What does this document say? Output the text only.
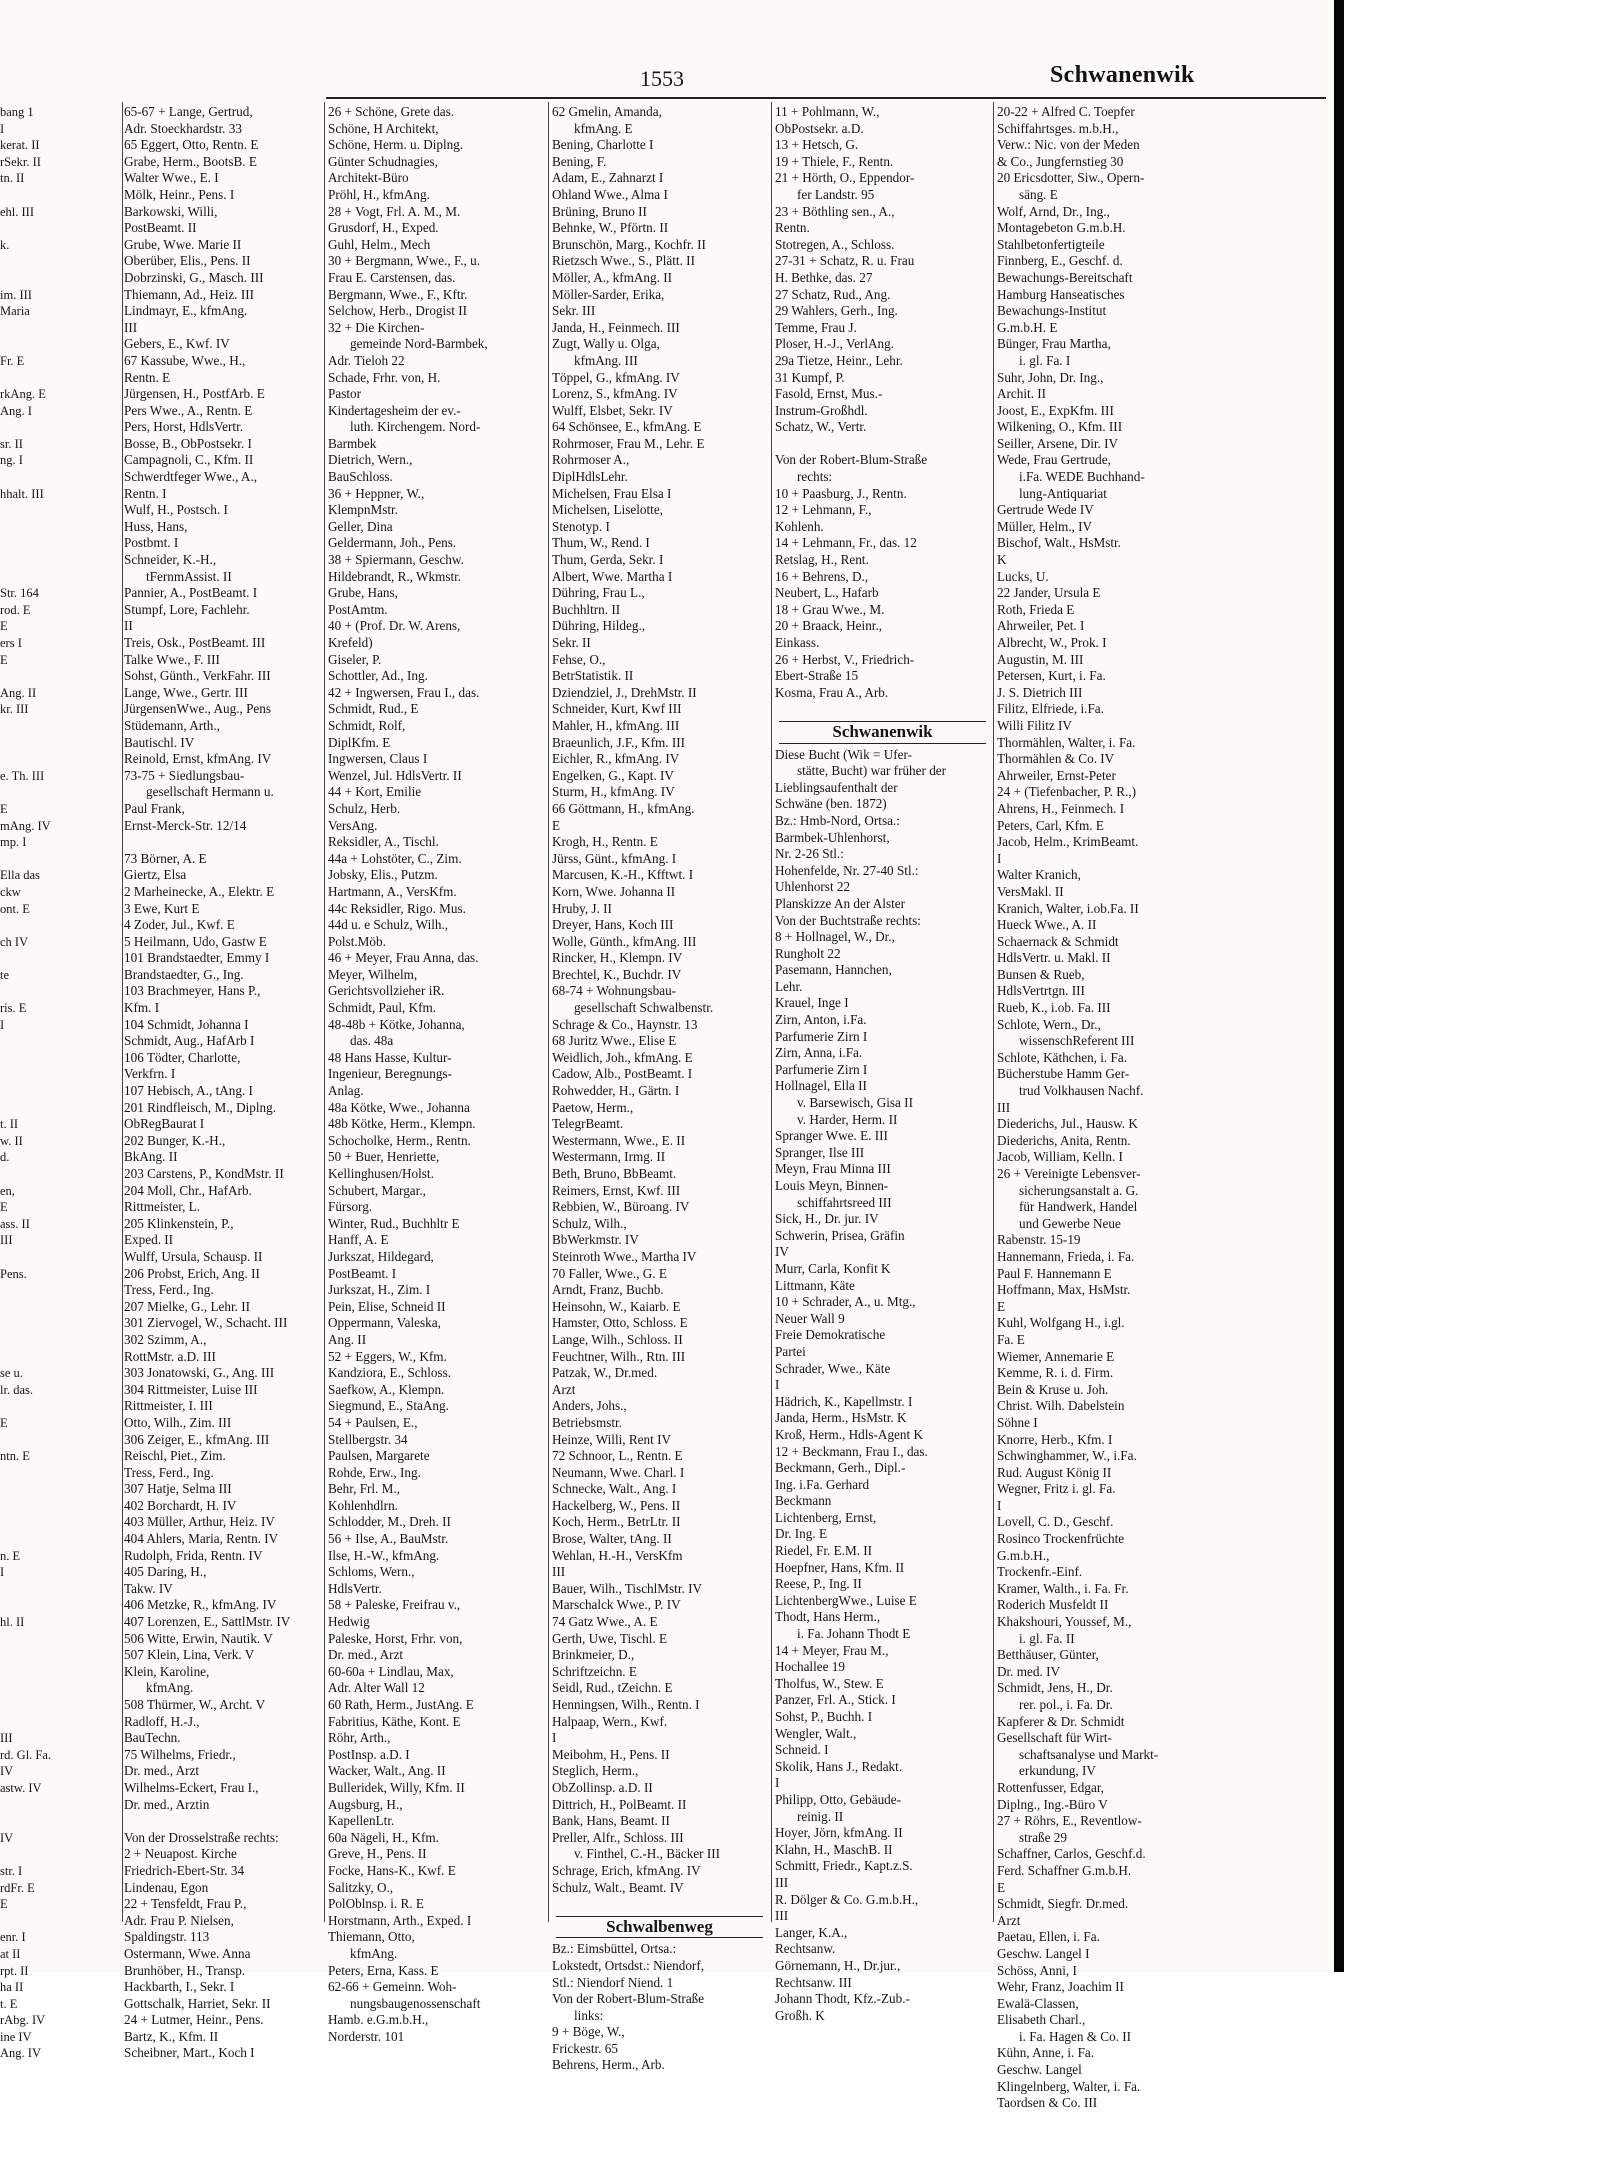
1553	Schwanenwik
bang 1
I
kerat. II
rSekr. II
tn. II

ehl. III

k.

im. III
Maria

Fr. E

rkAng. E
Ang. I

sr. II
ng. I

hhalt. III

Str. 164
rod. E
E
ers I
E

Ang. II
kr. III

e. Th. III

E
mAng. IV
mp. I

Ella das
ckw
ont. E

ch IV

te

ris. E
I

t. II
w. II
d.

en,
E
ass. II
III

Pens.

se u.
lr. das.

E

ntn. E

n. E
I

hl. II

III
rd. Gl. Fa.
IV
astw. IV

IV

str. I
rdFr. E
E

enr. I
at II
rpt. II
ha II
t. E
rAbg. IV
ine IV
Ang. IV
65-67 + Lange, Gertrud,
Adr. Stoeckhardstr. 33
65 Eggert, Otto, Rentn. E
Grabe, Herm., BootsB. E
Walter Wwe., E. I
Mölk, Heinr., Pens. I
Barkowski, Willi,
PostBeamt. II
Grube, Wwe. Marie II
Oberüber, Elis., Pens. II
Dobrzinski, G., Masch. III
Thiemann, Ad., Heiz. III
Lindmayr, E., kfmAng.
III
Gebers, E., Kwf. IV
67 Kassube, Wwe., H.,
Rentn. E
Jürgensen, H., PostfArb. E
Pers Wwe., A., Rentn. E
Pers, Horst, HdlsVertr.
Bosse, B., ObPostsekr. I
Campagnoli, C., Kfm. II
Schwerdtfeger Wwe., A.,
Rentn. I
Wulf, H., Postsch. I
Huss, Hans,
Postbmt. I
Schneider, K.-H.,
tFernmAssist. II
Pannier, A., PostBeamt. I
Stumpf, Lore, Fachlehr.
II
Treis, Osk., PostBeamt. III
Talke Wwe., F. III
Sohst, Günth., VerkFahr. III
Lange, Wwe., Gertr. III
JürgensenWwe., Aug., Pens
Stüdemann, Arth.,
Bautischl. IV
Reinold, Ernst, kfmAng. IV
73-75 + Siedlungsbau-
gesellschaft Hermann u.
Paul Frank,
Ernst-Merck-Str. 12/14

73 Börner, A. E
Giertz, Elsa
2 Marheinecke, A., Elektr. E
3 Ewe, Kurt E
4 Zoder, Jul., Kwf. E
5 Heilmann, Udo, Gastw E
101 Brandstaedter, Emmy I
Brandstaedter, G., Ing.
103 Brachmeyer, Hans P.,
Kfm. I
104 Schmidt, Johanna I
Schmidt, Aug., HafArb I
106 Tödter, Charlotte,
Verkfrn. I
107 Hebisch, A., tAng. I
201 Rindfleisch, M., Diplng.
ObRegBaurat I
202 Bunger, K.-H.,
BkAng. II
203 Carstens, P., KondMstr. II
204 Moll, Chr., HafArb.
Rittmeister, L.
205 Klinkenstein, P.,
Exped. II
Wulff, Ursula, Schausp. II
206 Probst, Erich, Ang. II
Tress, Ferd., Ing.
207 Mielke, G., Lehr. II
301 Ziervogel, W., Schacht. III
302 Szimm, A.,
RottMstr. a.D. III
303 Jonatowski, G., Ang. III
304 Rittmeister, Luise III
Rittmeister, I. III
Otto, Wilh., Zim. III
306 Zeiger, E., kfmAng. III
Reischl, Piet., Zim.
Tress, Ferd., Ing.
307 Hatje, Selma III
402 Borchardt, H. IV
403 Müller, Arthur, Heiz. IV
404 Ahlers, Maria, Rentn. IV
Rudolph, Frida, Rentn. IV
405 Daring, H.,
Takw. IV
406 Metzke, R., kfmAng. IV
407 Lorenzen, E., SattlMstr. IV
506 Witte, Erwin, Nautik. V
507 Klein, Lina, Verk. V
Klein, Karoline,
kfmAng.
508 Thürmer, W., Archt. V
Radloff, H.-J.,
BauTechn.
75 Wilhelms, Friedr.,
Dr. med., Arzt
Wilhelms-Eckert, Frau I.,
Dr. med., Arztin

Von der Drosselstraße rechts:
2 + Neuapost. Kirche
Friedrich-Ebert-Str. 34
Lindenau, Egon
22 + Tensfeldt, Frau P.,
Adr. Frau P. Nielsen,
Spaldingstr. 113
Ostermann, Wwe. Anna
Brunhöber, H., Transp.
Hackbarth, I., Sekr. I
Gottschalk, Harriet, Sekr. II
24 + Lutmer, Heinr., Pens.
Bartz, K., Kfm. II
Scheibner, Mart., Koch I
26 + Schöne, Grete das.
Schöne, H Architekt,
Schöne, Herm. u. Diplng.
Günter Schudnagies,
Architekt-Büro
Pröhl, H., kfmAng.
28 + Vogt, Frl. A. M., M.
Grusdorf, H., Exped.
Guhl, Helm., Mech
30 + Bergmann, Wwe., F., u.
Frau E. Carstensen, das.
Bergmann, Wwe., F., Kftr.
Selchow, Herb., Drogist II
32 + Die Kirchen-
gemeinde Nord-Barmbek,
Adr. Tieloh 22
Schade, Frhr. von, H.
Pastor
Kindertagesheim der ev.-
luth. Kirchengem. Nord-
Barmbek
Dietrich, Wern.,
BauSchloss.
36 + Heppner, W.,
KlempnMstr.
Geller, Dina
Geldermann, Joh., Pens.
38 + Spiermann, Geschw.
Hildebrandt, R., Wkmstr.
Grube, Hans,
PostAmtm.
40 + (Prof. Dr. W. Arens,
Krefeld)
Giseler, P.
Schottler, Ad., Ing.
42 + Ingwersen, Frau I., das.
Schmidt, Rud., E
Schmidt, Rolf,
DiplKfm. E
Ingwersen, Claus I
Wenzel, Jul. HdlsVertr. II
44 + Kort, Emilie
Schulz, Herb.
VersAng.
Reksidler, A., Tischl.
44a + Lohstöter, C., Zim.
Jobsky, Elis., Putzm.
Hartmann, A., VersKfm.
44c Reksidler, Rigo. Mus.
44d u. e Schulz, Wilh.,
Polst.Möb.
46 + Meyer, Frau Anna, das.
Meyer, Wilhelm,
Gerichtsvollzieher iR.
Schmidt, Paul, Kfm.
48-48b + Kötke, Johanna,
das. 48a
48 Hans Hasse, Kultur-
Ingenieur, Beregnungs-
Anlag.
48a Kötke, Wwe., Johanna
48b Kötke, Herm., Klempn.
Schocholke, Herm., Rentn.
50 + Buer, Henriette,
Kellinghusen/Holst.
Schubert, Margar.,
Fürsorg.
Winter, Rud., Buchhltr E
Hanff, A. E
Jurkszat, Hildegard,
PostBeamt. I
Jurkszat, H., Zim. I
Pein, Elise, Schneid II
Oppermann, Valeska,
Ang. II
52 + Eggers, W., Kfm.
Kandziora, E., Schloss.
Saefkow, A., Klempn.
Siegmund, E., StaAng.
54 + Paulsen, E.,
Stellbergstr. 34
Paulsen, Margarete
Rohde, Erw., Ing.
Behr, Frl. M.,
Kohlenhdlrn.
Schlodder, M., Dreh. II
56 + Ilse, A., BauMstr.
Ilse, H.-W., kfmAng.
Schloms, Wern.,
HdlsVertr.
58 + Paleske, Freifrau v.,
Hedwig
Paleske, Horst, Frhr. von,
Dr. med., Arzt
60-60a + Lindlau, Max,
Adr. Alter Wall 12
60 Rath, Herm., JustAng. E
Fabritius, Käthe, Kont. E
Röhr, Arth.,
PostInsp. a.D. I
Wacker, Walt., Ang. II
Bulleridek, Willy, Kfm. II
Augsburg, H.,
KapellenLtr.
60a Nägeli, H., Kfm.
Greve, H., Pens. II
Focke, Hans-K., Kwf. E
Salitzky, O.,
PolOblnsp. i. R. E
Horstmann, Arth., Exped. I
Thiemann, Otto,
kfmAng.
Peters, Erna, Kass. E
62-66 + Gemeinn. Woh-
nungsbaugenossenschaft
Hamb. e.G.m.b.H.,
Norderstr. 101
62 Gmelin, Amanda,
kfmAng. E
Bening, Charlotte I
Bening, F.
Adam, E., Zahnarzt I
Ohland Wwe., Alma I
Brüning, Bruno II
Behnke, W., Pförtn. II
Brunschön, Marg., Kochfr. II
Rietzsch Wwe., S., Plätt. II
Möller, A., kfmAng. II
Möller-Sarder, Erika,
Sekr. III
Janda, H., Feinmech. III
Zugt, Wally u. Olga,
kfmAng. III
Töppel, G., kfmAng. IV
Lorenz, S., kfmAng. IV
Wulff, Elsbet, Sekr. IV
64 Schönsee, E., kfmAng. E
Rohrmoser, Frau M., Lehr. E
Rohrmoser A.,
DiplHdlsLehr.
Michelsen, Frau Elsa I
Michelsen, Liselotte,
Stenotyp. I
Thum, W., Rend. I
Thum, Gerda, Sekr. I
Albert, Wwe. Martha I
Dühring, Frau L.,
Buchhltrn. II
Dühring, Hildeg.,
Sekr. II
Fehse, O.,
BetrStatistik. II
Dziendziel, J., DrehMstr. II
Schneider, Kurt, Kwf III
Mahler, H., kfmAng. III
Braeunlich, J.F., Kfm. III
Eichler, R., kfmAng. IV
Engelken, G., Kapt. IV
Sturm, H., kfmAng. IV
66 Göttmann, H., kfmAng.
E
Krogh, H., Rentn. E
Jürss, Günt., kfmAng. I
Marcusen, K.-H., Kfftwt. I
Korn, Wwe. Johanna II
Hruby, J. II
Dreyer, Hans, Koch III
Wolle, Günth., kfmAng. III
Rincker, H., Klempn. IV
Brechtel, K., Buchdr. IV
68-74 + Wohnungsbau-
gesellschaft Schwalbenstr.
Schrage & Co., Haynstr. 13
68 Juritz Wwe., Elise E
Weidlich, Joh., kfmAng. E
Cadow, Alb., PostBeamt. I
Rohwedder, H., Gärtn. I
Paetow, Herm.,
TelegrBeamt.
Westermann, Wwe., E. II
Westermann, Irmg. II
Beth, Bruno, BbBeamt.
Reimers, Ernst, Kwf. III
Rebbien, W., Büroang. IV
Schulz, Wilh.,
BbWerkmstr. IV
Steinroth Wwe., Martha IV
70 Faller, Wwe., G. E
Arndt, Franz, Buchb.
Heinsohn, W., Kaiarb. E
Hamster, Otto, Schloss. E
Lange, Wilh., Schloss. II
Feuchtner, Wilh., Rtn. III
Patzak, W., Dr.med.
Arzt
Anders, Johs.,
Betriebsmstr.
Heinze, Willi, Rent IV
72 Schnoor, L., Rentn. E
Neumann, Wwe. Charl. I
Schnecke, Walt., Ang. I
Hackelberg, W., Pens. II
Koch, Herm., BetrLtr. II
Brose, Walter, tAng. II
Wehlan, H.-H., VersKfm
III
Bauer, Wilh., TischlMstr. IV
Marschalck Wwe., P. IV
74 Gatz Wwe., A. E
Gerth, Uwe, Tischl. E
Brinkmeier, D.,
Schriftzeichn. E
Seidl, Rud., tZeichn. E
Henningsen, Wilh., Rentn. I
Halpaap, Wern., Kwf.
I
Meibohm, H., Pens. II
Steglich, Herm.,
ObZollinsp. a.D. II
Dittrich, H., PolBeamt. II
Bank, Hans, Beamt. II
Preller, Alfr., Schloss. III
v. Finthel, C.-H., Bäcker III
Schrage, Erich, kfmAng. IV
Schulz, Walt., Beamt. IV

Schwalbenweg
Bz.: Eimsbüttel, Ortsa.:
Lokstedt, Ortsdst.: Niendorf,
Stl.: Niendorf Niend. 1
Von der Robert-Blum-Straße
links:
9 + Böge, W.,
Frickestr. 65
Behrens, Herm., Arb.
11 + Pohlmann, W.,
ObPostsekr. a.D.
13 + Hetsch, G.
19 + Thiele, F., Rentn.
21 + Hörth, O., Eppendor-
fer Landstr. 95
23 + Böthling sen., A.,
Rentn.
Stotregen, A., Schloss.
27-31 + Schatz, R. u. Frau
H. Bethke, das. 27
27 Schatz, Rud., Ang.
29 Wahlers, Gerh., Ing.
Temme, Frau J.
Ploser, H.-J., VerlAng.
29a Tietze, Heinr., Lehr.
31 Kumpf, P.
Fasold, Ernst, Mus.-
Instrum-Großhdl.
Schatz, W., Vertr.

Von der Robert-Blum-Straße
rechts:
10 + Paasburg, J., Rentn.
12 + Lehmann, F.,
Kohlenh.
14 + Lehmann, Fr., das. 12
Retslag, H., Rent.
16 + Behrens, D.,
Neubert, L., Hafarb
18 + Grau Wwe., M.
20 + Braack, Heinr.,
Einkass.
26 + Herbst, V., Friedrich-
Ebert-Straße 15
Kosma, Frau A., Arb.

Schwanenwik
Diese Bucht (Wik = Ufer-
stätte, Bucht) war früher der
Lieblingsaufenthalt der
Schwäne (ben. 1872)
Bz.: Hmb-Nord, Ortsa.:
Barmbek-Uhlenhorst,
Nr. 2-26 Stl.:
Hohenfelde, Nr. 27-40 Stl.:
Uhlenhorst 22
Planskizze An der Alster
Von der Buchtstraße rechts:
8 + Hollnagel, W., Dr.,
Rungholt 22
Pasemann, Hannchen,
Lehr.
Krauel, Inge I
Zirn, Anton, i.Fa.
Parfumerie Zirn I
Zirn, Anna, i.Fa.
Parfumerie Zirn I
Hollnagel, Ella II
v. Barsewisch, Gisa II
v. Harder, Herm. II
Spranger Wwe. E. III
Spranger, Ilse III
Meyn, Frau Minna III
Louis Meyn, Binnen-
schiffahrtsreed III
Sick, H., Dr. jur. IV
Schwerin, Prisea, Gräfin
IV
Murr, Carla, Konfit K
Littmann, Käte
10 + Schrader, A., u. Mtg.,
Neuer Wall 9
Freie Demokratische
Partei
Schrader, Wwe., Käte
I
Hädrich, K., Kapellmstr. I
Janda, Herm., HsMstr. K
Kroß, Herm., Hdls-Agent K
12 + Beckmann, Frau I., das.
Beckmann, Gerh., Dipl.-
Ing. i.Fa. Gerhard
Beckmann
Lichtenberg, Ernst,
Dr. Ing. E
Riedel, Fr. E.M. II
Hoepfner, Hans, Kfm. II
Reese, P., Ing. II
LichtenbergWwe., Luise E
Thodt, Hans Herm.,
i. Fa. Johann Thodt E
14 + Meyer, Frau M.,
Hochallee 19
Tholfus, W., Stew. E
Panzer, Frl. A., Stick. I
Sohst, P., Buchh. I
Wengler, Walt.,
Schneid. I
Skolik, Hans J., Redakt.
I
Philipp, Otto, Gebäude-
reinig. II
Hoyer, Jörn, kfmAng. II
Klahn, H., MaschB. II
Schmitt, Friedr., Kapt.z.S.
III
R. Dölger & Co. G.m.b.H.,
III
Langer, K.A.,
Rechtsanw.
Görnemann, H., Dr.jur.,
Rechtsanw. III
Johann Thodt, Kfz.-Zub.-
Großh. K
20-22 + Alfred C. Toepfer
Schiffahrtsges. m.b.H.,
Verw.: Nic. von der Meden
& Co., Jungfernstieg 30
20 Ericsdotter, Siw., Opern-
säng. E
Wolf, Arnd, Dr., Ing.,
Montagebeton G.m.b.H.
Stahlbetonfertigteile
Finnberg, E., Geschf. d.
Bewachungs-Bereitschaft
Hamburg Hanseatisches
Bewachungs-Institut
G.m.b.H. E
Bünger, Frau Martha,
i. gl. Fa. I
Suhr, John, Dr. Ing.,
Archit. II
Joost, E., ExpKfm. III
Wilkening, O., Kfm. III
Seiller, Arsene, Dir. IV
Wede, Frau Gertrude,
i.Fa. WEDE Buchhand-
lung-Antiquariat
Gertrude Wede IV
Müller, Helm., IV
Bischof, Walt., HsMstr.
K
Lucks, U.
22 Jander, Ursula E
Roth, Frieda E
Ahrweiler, Pet. I
Albrecht, W., Prok. I
Augustin, M. III
Petersen, Kurt, i. Fa.
J. S. Dietrich III
Filitz, Elfriede, i.Fa.
Willi Filitz IV
Thormählen, Walter, i. Fa.
Thormählen & Co. IV
Ahrweiler, Ernst-Peter
24 + (Tiefenbacher, P. R.,)
Ahrens, H., Feinmech. I
Peters, Carl, Kfm. E
Jacob, Helm., KrimBeamt.
I
Walter Kranich,
VersMakl. II
Kranich, Walter, i.ob.Fa. II
Hueck Wwe., A. II
Schaernack & Schmidt
HdlsVertr. u. Makl. II
Bunsen & Rueb,
HdlsVertrtgn. III
Rueb, K., i.ob. Fa. III
Schlote, Wern., Dr.,
wissenschReferent III
Schlote, Käthchen, i. Fa.
Bücherstube Hamm Ger-
trud Volkhausen Nachf.
III
Diederichs, Jul., Hausw. K
Diederichs, Anita, Rentn.
Jacob, William, Kelln. I
26 + Vereinigte Lebensver-
sicherungsanstalt a. G.
für Handwerk, Handel
und Gewerbe Neue
Rabenstr. 15-19
Hannemann, Frieda, i. Fa.
Paul F. Hannemann E
Hoffmann, Max, HsMstr.
E
Kuhl, Wolfgang H., i.gl.
Fa. E
Wiemer, Annemarie E
Kemme, R. i. d. Firm.
Bein & Kruse u. Joh.
Christ. Wilh. Dabelstein
Söhne I
Knorre, Herb., Kfm. I
Schwinghammer, W., i.Fa.
Rud. August König II
Wegner, Fritz i. gl. Fa.
I
Lovell, C. D., Geschf.
Rosinco Trockenfrüchte
G.m.b.H.,
Trockenfr.-Einf.
Kramer, Walth., i. Fa. Fr.
Roderich Musfeldt II
Khakshouri, Youssef, M.,
i. gl. Fa. II
Betthäuser, Günter,
Dr. med. IV
Schmidt, Jens, H., Dr.
rer. pol., i. Fa. Dr.
Kapferer & Dr. Schmidt
Gesellschaft für Wirt-
schaftsanalyse und Markt-
erkundung, IV
Rottenfusser, Edgar,
Diplng., Ing.-Büro V
27 + Röhrs, E., Reventlow-
straße 29
Schaffner, Carlos, Geschf.d.
Ferd. Schaffner G.m.b.H.
E
Schmidt, Siegfr. Dr.med.
Arzt
Paetau, Ellen, i. Fa.
Geschw. Langel I
Schöss, Anni, I
Wehr, Franz, Joachim II
Ewalä-Classen,
Elisabeth Charl.,
i. Fa. Hagen & Co. II
Kühn, Anne, i. Fa.
Geschw. Langel
Klingelnberg, Walter, i. Fa.
Taordsen & Co. III
